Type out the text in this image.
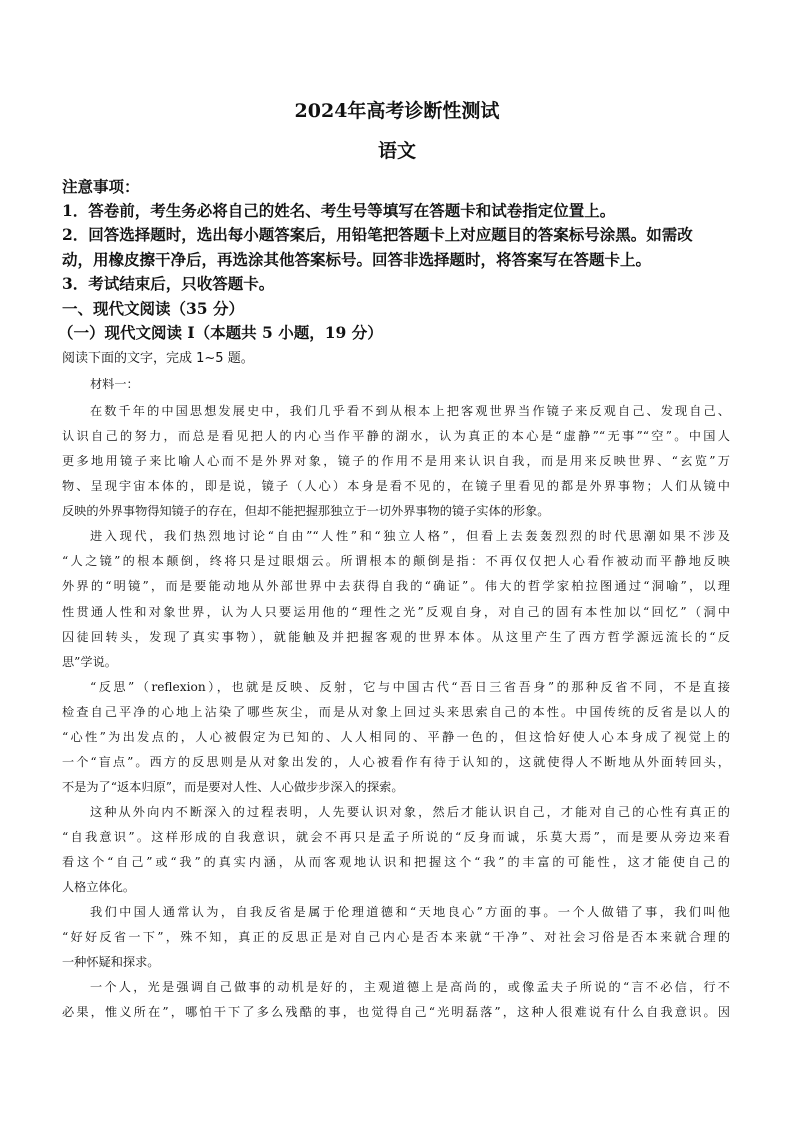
2024年高考诊断性测试
语文
注意事项：
1．答卷前，考生务必将自己的姓名、考生号等填写在答题卡和试卷指定位置上。
2．回答选择题时，选出每小题答案后，用铅笔把答题卡上对应题目的答案标号涂黑。如需改
动，用橡皮擦干净后，再选涂其他答案标号。回答非选择题时，将答案写在答题卡上。
3．考试结束后，只收答题卡。
一、现代文阅读（35 分）
（一）现代文阅读 I（本题共 5 小题，19 分）
阅读下面的文字，完成 1~5 题。
材料一：
在数千年的中国思想发展史中，我们几乎看不到从根本上把客观世界当作镜子来反观自己、发现自己、
认识自己的努力，而总是看见把人的内心当作平静的湖水，认为真正的本心是“虚静”“无事”“空”。中国人
更多地用镜子来比喻人心而不是外界对象，镜子的作用不是用来认识自我，而是用来反映世界、“玄览”万
物、呈现宇宙本体的，即是说，镜子（人心）本身是看不见的，在镜子里看见的都是外界事物；人们从镜中
反映的外界事物得知镜子的存在，但却不能把握那独立于一切外界事物的镜子实体的形象。
进入现代，我们热烈地讨论“自由”“人性”和“独立人格”，但看上去轰轰烈烈的时代思潮如果不涉及
“人之镜”的根本颠倒，终将只是过眼烟云。所谓根本的颠倒是指：不再仅仅把人心看作被动而平静地反映
外界的“明镜”，而是要能动地从外部世界中去获得自我的“确证”。伟大的哲学家柏拉图通过“洞喻”，以理
性贯通人性和对象世界，认为人只要运用他的“理性之光”反观自身，对自己的固有本性加以“回忆”（洞中
囚徒回转头，发现了真实事物），就能触及并把握客观的世界本体。从这里产生了西方哲学源远流长的“反
思”学说。
“反思”（reflexion），也就是反映、反射，它与中国古代“吾日三省吾身”的那种反省不同，不是直接
检查自己平净的心地上沾染了哪些灰尘，而是从对象上回过头来思索自己的本性。中国传统的反省是以人的
“心性”为出发点的，人心被假定为已知的、人人相同的、平静一色的，但这恰好使人心本身成了视觉上的
一个“盲点”。西方的反思则是从对象出发的，人心被看作有待于认知的，这就使得人不断地从外面转回头，
不是为了“返本归原”，而是要对人性、人心做步步深入的探索。
这种从外向内不断深入的过程表明，人先要认识对象，然后才能认识自己，才能对自己的心性有真正的
“自我意识”。这样形成的自我意识，就会不再只是孟子所说的“反身而诚，乐莫大焉”，而是要从旁边来看
看这个“自己”或“我”的真实内涵，从而客观地认识和把握这个“我”的丰富的可能性，这才能使自己的
人格立体化。
我们中国人通常认为，自我反省是属于伦理道德和“天地良心”方面的事。一个人做错了事，我们叫他
“好好反省一下”，殊不知，真正的反思正是对自己内心是否本来就“干净”、对社会习俗是否本来就合理的
一种怀疑和探求。
一个人，光是强调自己做事的动机是好的，主观道德上是高尚的，或像孟夫子所说的“言不必信，行不
必果，惟义所在”，哪怕干下了多么残酷的事，也觉得自己“光明磊落”，这种人很难说有什么自我意识。因
